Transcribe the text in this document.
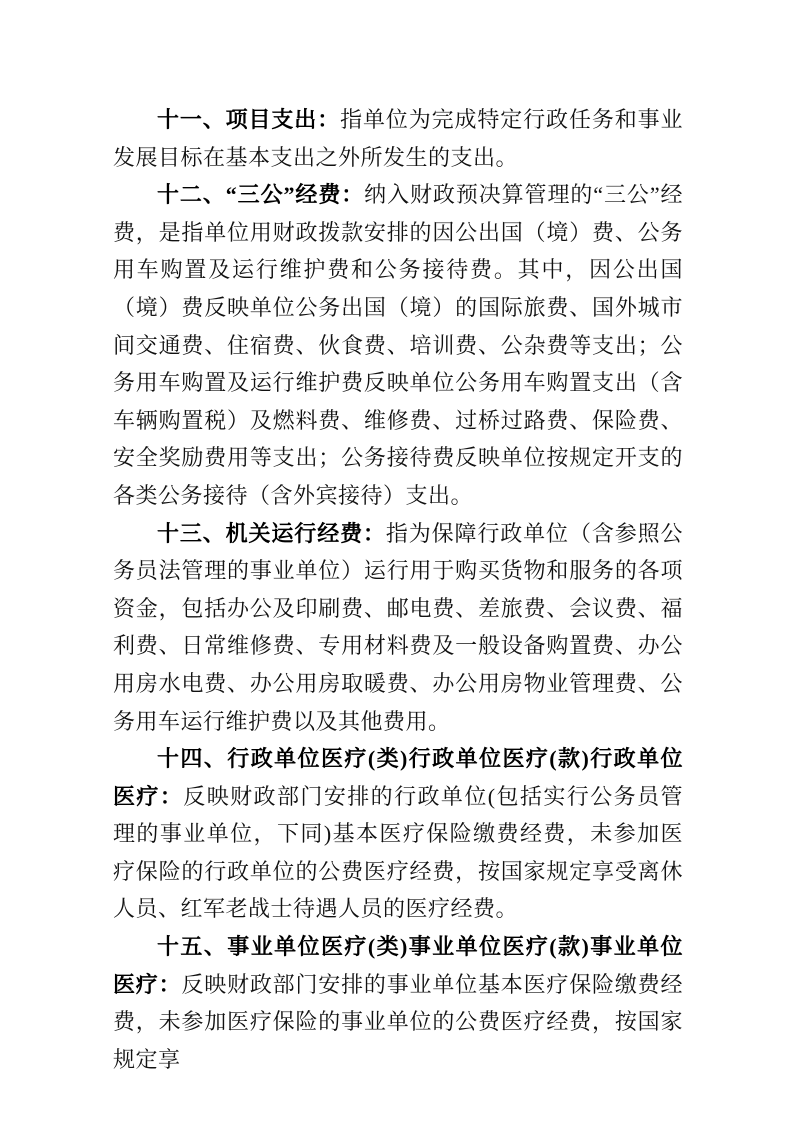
十一、项目支出：指单位为完成特定行政任务和事业发展目标在基本支出之外所发生的支出。

十二、“三公”经费：纳入财政预决算管理的“三公”经费，是指单位用财政拨款安排的因公出国（境）费、公务用车购置及运行维护费和公务接待费。其中，因公出国（境）费反映单位公务出国（境）的国际旅费、国外城市间交通费、住宿费、伙食费、培训费、公杂费等支出；公务用车购置及运行维护费反映单位公务用车购置支出（含车辆购置税）及燃料费、维修费、过桥过路费、保险费、安全奖励费用等支出；公务接待费反映单位按规定开支的各类公务接待（含外宾接待）支出。

十三、机关运行经费：指为保障行政单位（含参照公务员法管理的事业单位）运行用于购买货物和服务的各项资金，包括办公及印刷费、邮电费、差旅费、会议费、福利费、日常维修费、专用材料费及一般设备购置费、办公用房水电费、办公用房取暖费、办公用房物业管理费、公务用车运行维护费以及其他费用。

十四、行政单位医疗(类)行政单位医疗(款)行政单位医疗：反映财政部门安排的行政单位(包括实行公务员管理的事业单位，下同)基本医疗保险缴费经费，未参加医疗保险的行政单位的公费医疗经费，按国家规定享受离休人员、红军老战士待遇人员的医疗经费。

十五、事业单位医疗(类)事业单位医疗(款)事业单位医疗：反映财政部门安排的事业单位基本医疗保险缴费经费，未参加医疗保险的事业单位的公费医疗经费，按国家规定享
